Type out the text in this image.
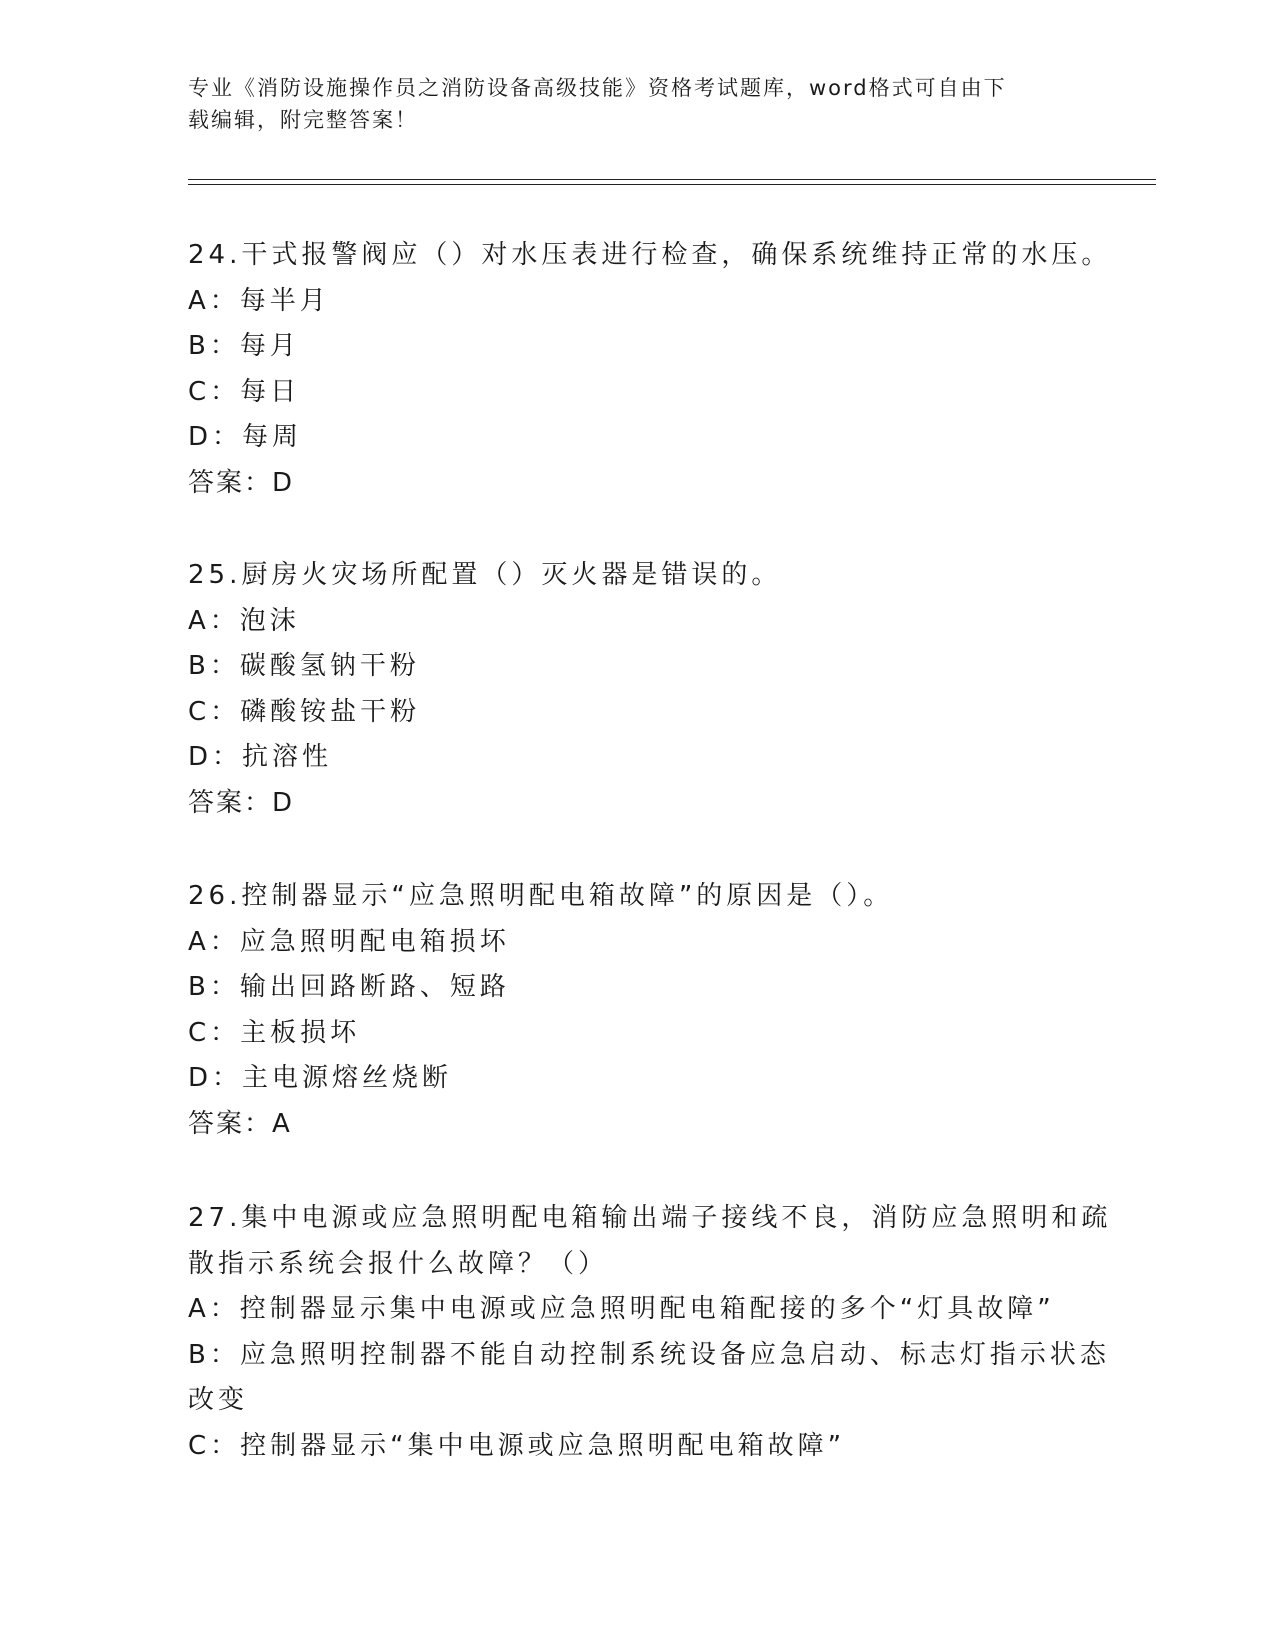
专业《消防设施操作员之消防设备高级技能》资格考试题库，word格式可自由下
载编辑，附完整答案！
24.干式报警阀应（）对水压表进行检查，确保系统维持正常的水压。
A：每半月
B：每月
C：每日
D：每周
答案：D
25.厨房火灾场所配置（）灭火器是错误的。
A：泡沫
B：碳酸氢钠干粉
C：磷酸铵盐干粉
D：抗溶性
答案：D
26.控制器显示“应急照明配电箱故障”的原因是（）。
A：应急照明配电箱损坏
B：输出回路断路、短路
C：主板损坏
D：主电源熔丝烧断
答案：A
27.集中电源或应急照明配电箱输出端子接线不良，消防应急照明和疏
散指示系统会报什么故障？（）
A：控制器显示集中电源或应急照明配电箱配接的多个“灯具故障”
B：应急照明控制器不能自动控制系统设备应急启动、标志灯指示状态
改变
C：控制器显示“集中电源或应急照明配电箱故障”
